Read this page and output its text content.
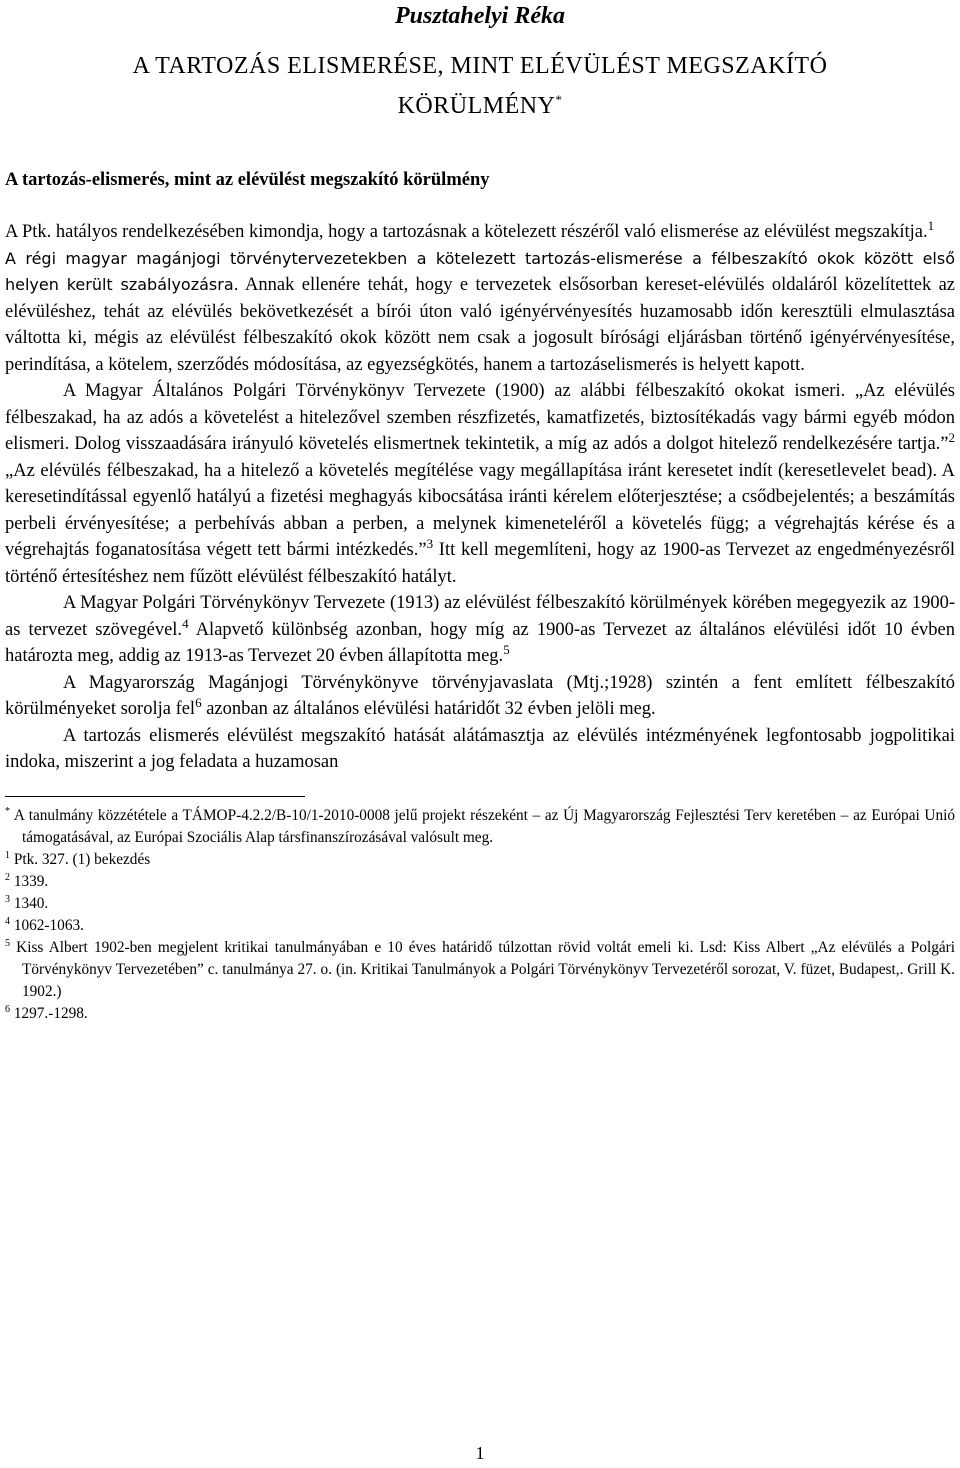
Pusztahelyi Réka
A TARTOZÁS ELISMERÉSE, MINT ELÉVÜLÉST MEGSZAKÍTÓ
KÖRÜLMÉNY*
A tartozás-elismerés, mint az elévülést megszakító körülmény

A Ptk. hatályos rendelkezésében kimondja, hogy a tartozásnak a kötelezett részéről való elismerése az elévülést megszakítja.$^1$

A régi magyar magánjogi törvénytervezetekben a kötelezett tartozás-elismerése a félbeszakító okok között első helyen került szabályozásra. Annak ellenére tehát, hogy e tervezetek elsősorban kereset-elévülés oldaláról közelítettek az elévüléshez, tehát az elévülés bekövetkezését a bírói úton való igényérvényesítés huzamosabb időn keresztüli elmulasztása váltotta ki, mégis az elévülést félbeszakító okok között nem csak a jogosult bírósági eljárásban történő igényérvényesítése, perindítása, a kötelem, szerződés módosítása, az egyezségkötés, hanem a tartozáselismerés is helyett kapott.

A Magyar Általános Polgári Törvénykönyv Tervezete (1900) az alábbi félbeszakító okokat ismeri. „Az elévülés félbeszakad, ha az adós a követelést a hitelezővel szemben részfizetés, kamatfizetés, biztosítékadás vagy bármi egyéb módon elismeri. Dolog visszaadására irányuló követelés elismertnek tekintetik, a míg az adós a dolgot hitelező rendelkezésére tartja.”$^2$ „Az elévülés félbeszakad, ha a hitelező a követelés megítélése vagy megállapítása iránt keresetet indít (keresetlevelet bead). A keresetindítással egyenlő hatályú a fizetési meghagyás kibocsátása iránti kérelem előterjesztése; a csődbejelentés; a beszámítás perbeli érvényesítése; a perbehívás abban a perben, a melynek kimeneteléről a követelés függ; a végrehajtás kérése és a végrehajtás foganatosítása végett tett bármi intézkedés.”$^3$ Itt kell megemlíteni, hogy az 1900-as Tervezet az engedményezésről történő értesítéshez nem fűzött elévülést félbeszakító hatályt.

A Magyar Polgári Törvénykönyv Tervezete (1913) az elévülést félbeszakító körülmények körében megegyezik az 1900-as tervezet szövegével.$^4$ Alapvető különbség azonban, hogy míg az 1900-as Tervezet az általános elévülési időt 10 évben határozta meg, addig az 1913-as Tervezet 20 évben állapította meg.$^5$

A Magyarország Magánjogi Törvénykönyve törvényjavaslata (Mtj.;1928) szintén a fent említett félbeszakító körülményeket sorolja fel$^6$ azonban az általános elévülési határidőt 32 évben jelöli meg.

A tartozás elismerés elévülést megszakító hatását alátámasztja az elévülés intézményének legfontosabb jogpolitikai indoka, miszerint a jog feladata a huzamosan

* A tanulmány közzététele a TÁMOP-4.2.2/B-10/1-2010-0008 jelű projekt részeként – az Új Magyarország Fejlesztési Terv keretében – az Európai Unió támogatásával, az Európai Szociális Alap társfinanszírozásával valósult meg.
$^1$ Ptk. 327. (1) bekezdés
$^2$ 1339.
$^3$ 1340.
$^4$ 1062-1063.
$^5$ Kiss Albert 1902-ben megjelent kritikai tanulmányában e 10 éves határidő túlzottan rövid voltát emeli ki. Lsd: Kiss Albert „Az elévülés a Polgári Törvénykönyv Tervezetében” c. tanulmánya 27. o. (in. Kritikai Tanulmányok a Polgári Törvénykönyv Tervezetéről sorozat, V. füzet, Budapest,. Grill K. 1902.)
$^6$ 1297.-1298.
1
